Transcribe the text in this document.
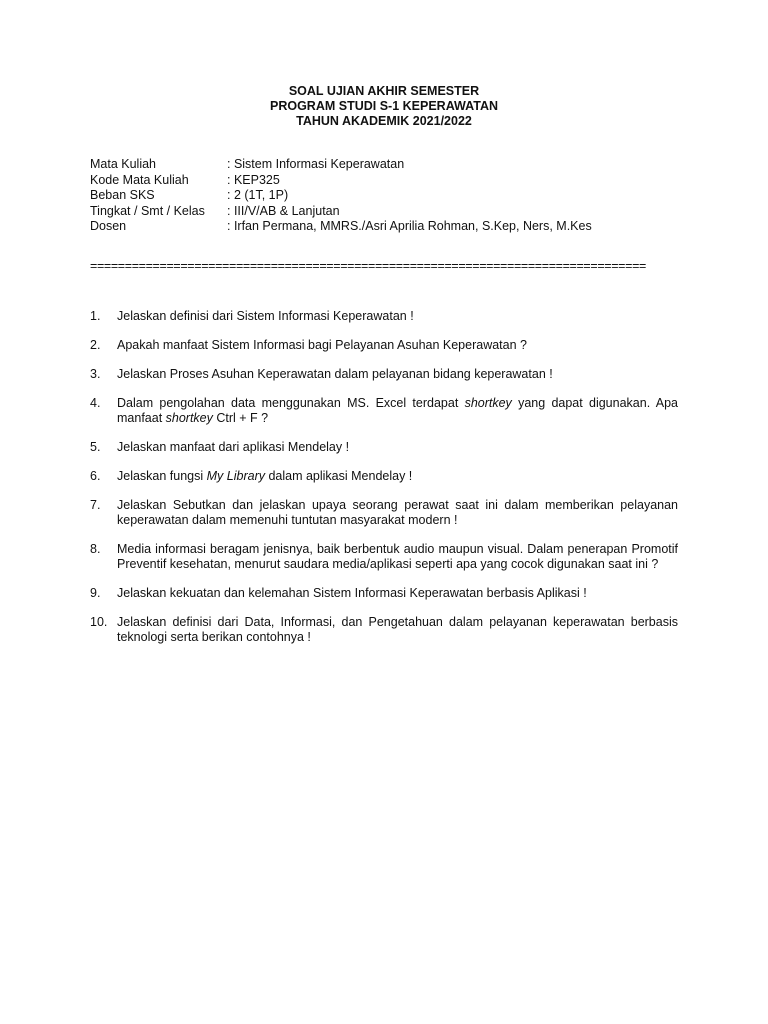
SOAL UJIAN AKHIR SEMESTER
PROGRAM STUDI S-1 KEPERAWATAN
TAHUN AKADEMIK 2021/2022
Mata Kuliah	: Sistem Informasi Keperawatan
Kode Mata Kuliah	: KEP325
Beban SKS	: 2 (1T, 1P)
Tingkat / Smt / Kelas	: III/V/AB & Lanjutan
Dosen	: Irfan Permana, MMRS./Asri Aprilia Rohman, S.Kep, Ners, M.Kes
================================================================================
1.	Jelaskan definisi dari Sistem Informasi Keperawatan !
2.	Apakah manfaat Sistem Informasi bagi Pelayanan Asuhan Keperawatan ?
3.	Jelaskan Proses Asuhan Keperawatan dalam pelayanan bidang keperawatan !
4.	Dalam pengolahan data menggunakan MS. Excel terdapat shortkey yang dapat digunakan. Apa manfaat shortkey Ctrl + F ?
5.	Jelaskan manfaat dari aplikasi Mendelay !
6.	Jelaskan fungsi My Library dalam aplikasi Mendelay !
7.	Jelaskan Sebutkan dan jelaskan upaya seorang perawat saat ini dalam memberikan pelayanan keperawatan dalam memenuhi tuntutan masyarakat modern !
8.	Media informasi beragam jenisnya, baik berbentuk audio maupun visual. Dalam penerapan Promotif Preventif kesehatan, menurut saudara media/aplikasi seperti apa yang cocok digunakan saat ini ?
9.	Jelaskan kekuatan dan kelemahan Sistem Informasi Keperawatan berbasis Aplikasi !
10. Jelaskan definisi dari Data, Informasi, dan Pengetahuan dalam pelayanan keperawatan berbasis teknologi serta berikan contohnya !
